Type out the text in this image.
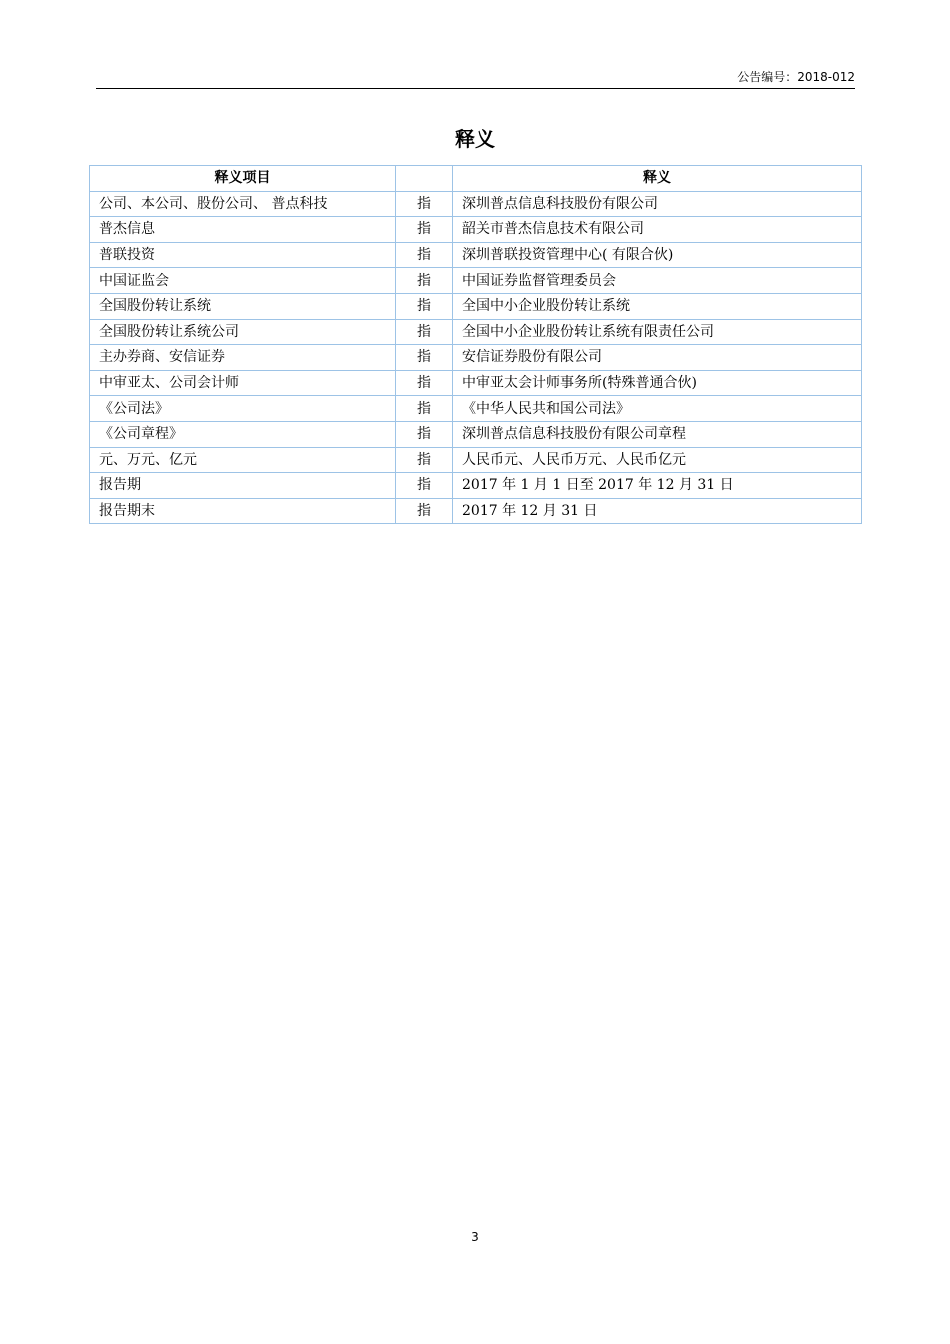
公告编号：2018-012
释义
释义项目		释义
公司、本公司、股份公司、 普点科技	指	深圳普点信息科技股份有限公司
普杰信息	指	韶关市普杰信息技术有限公司
普联投资	指	深圳普联投资管理中心( 有限合伙)
中国证监会	指	中国证券监督管理委员会
全国股份转让系统	指	全国中小企业股份转让系统
全国股份转让系统公司	指	全国中小企业股份转让系统有限责任公司
主办券商、安信证券	指	安信证券股份有限公司
中审亚太、公司会计师	指	中审亚太会计师事务所(特殊普通合伙)
《公司法》	指	《中华人民共和国公司法》
《公司章程》	指	深圳普点信息科技股份有限公司章程
元、万元、亿元	指	人民币元、人民币万元、人民币亿元
报告期	指	2017 年 1 月 1 日至 2017 年 12 月 31 日
报告期末	指	2017 年 12 月 31 日
3
